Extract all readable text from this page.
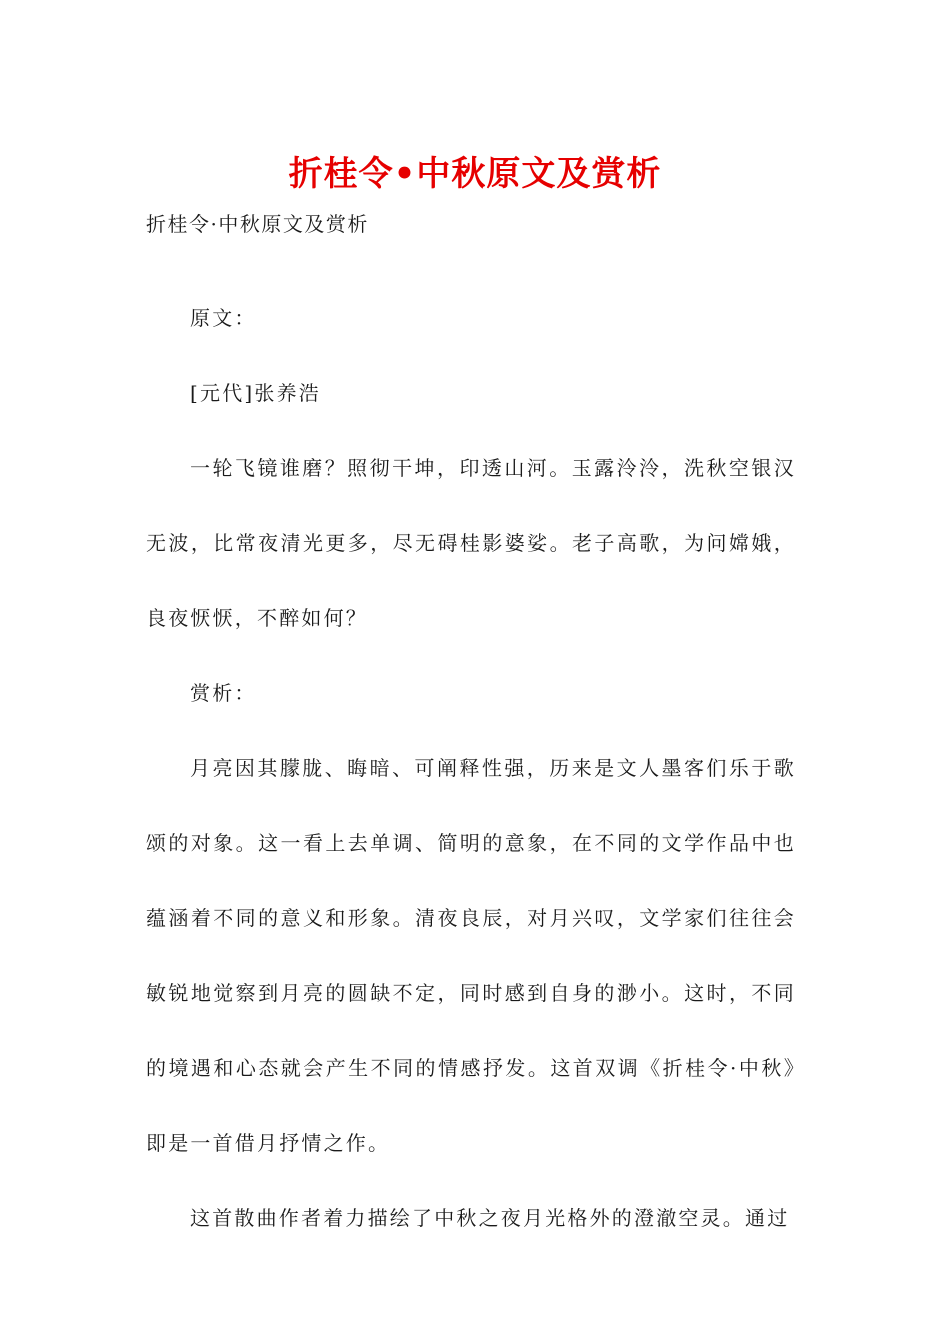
折桂令•中秋原文及赏析

折桂令·中秋原文及赏析

原文：

[元代]张养浩

一轮飞镜谁磨？照彻干坤，印透山河。玉露泠泠，洗秋空银汉无波，比常夜清光更多，尽无碍桂影婆娑。老子高歌，为问嫦娥，良夜恹恹，不醉如何？

赏析：

月亮因其朦胧、晦暗、可阐释性强，历来是文人墨客们乐于歌颂的对象。这一看上去单调、简明的意象，在不同的文学作品中也蕴涵着不同的意义和形象。清夜良辰，对月兴叹，文学家们往往会敏锐地觉察到月亮的圆缺不定，同时感到自身的渺小。这时，不同的境遇和心态就会产生不同的情感抒发。这首双调《折桂令·中秋》即是一首借月抒情之作。

这首散曲作者着力描绘了中秋之夜月光格外的澄澈空灵。通过
